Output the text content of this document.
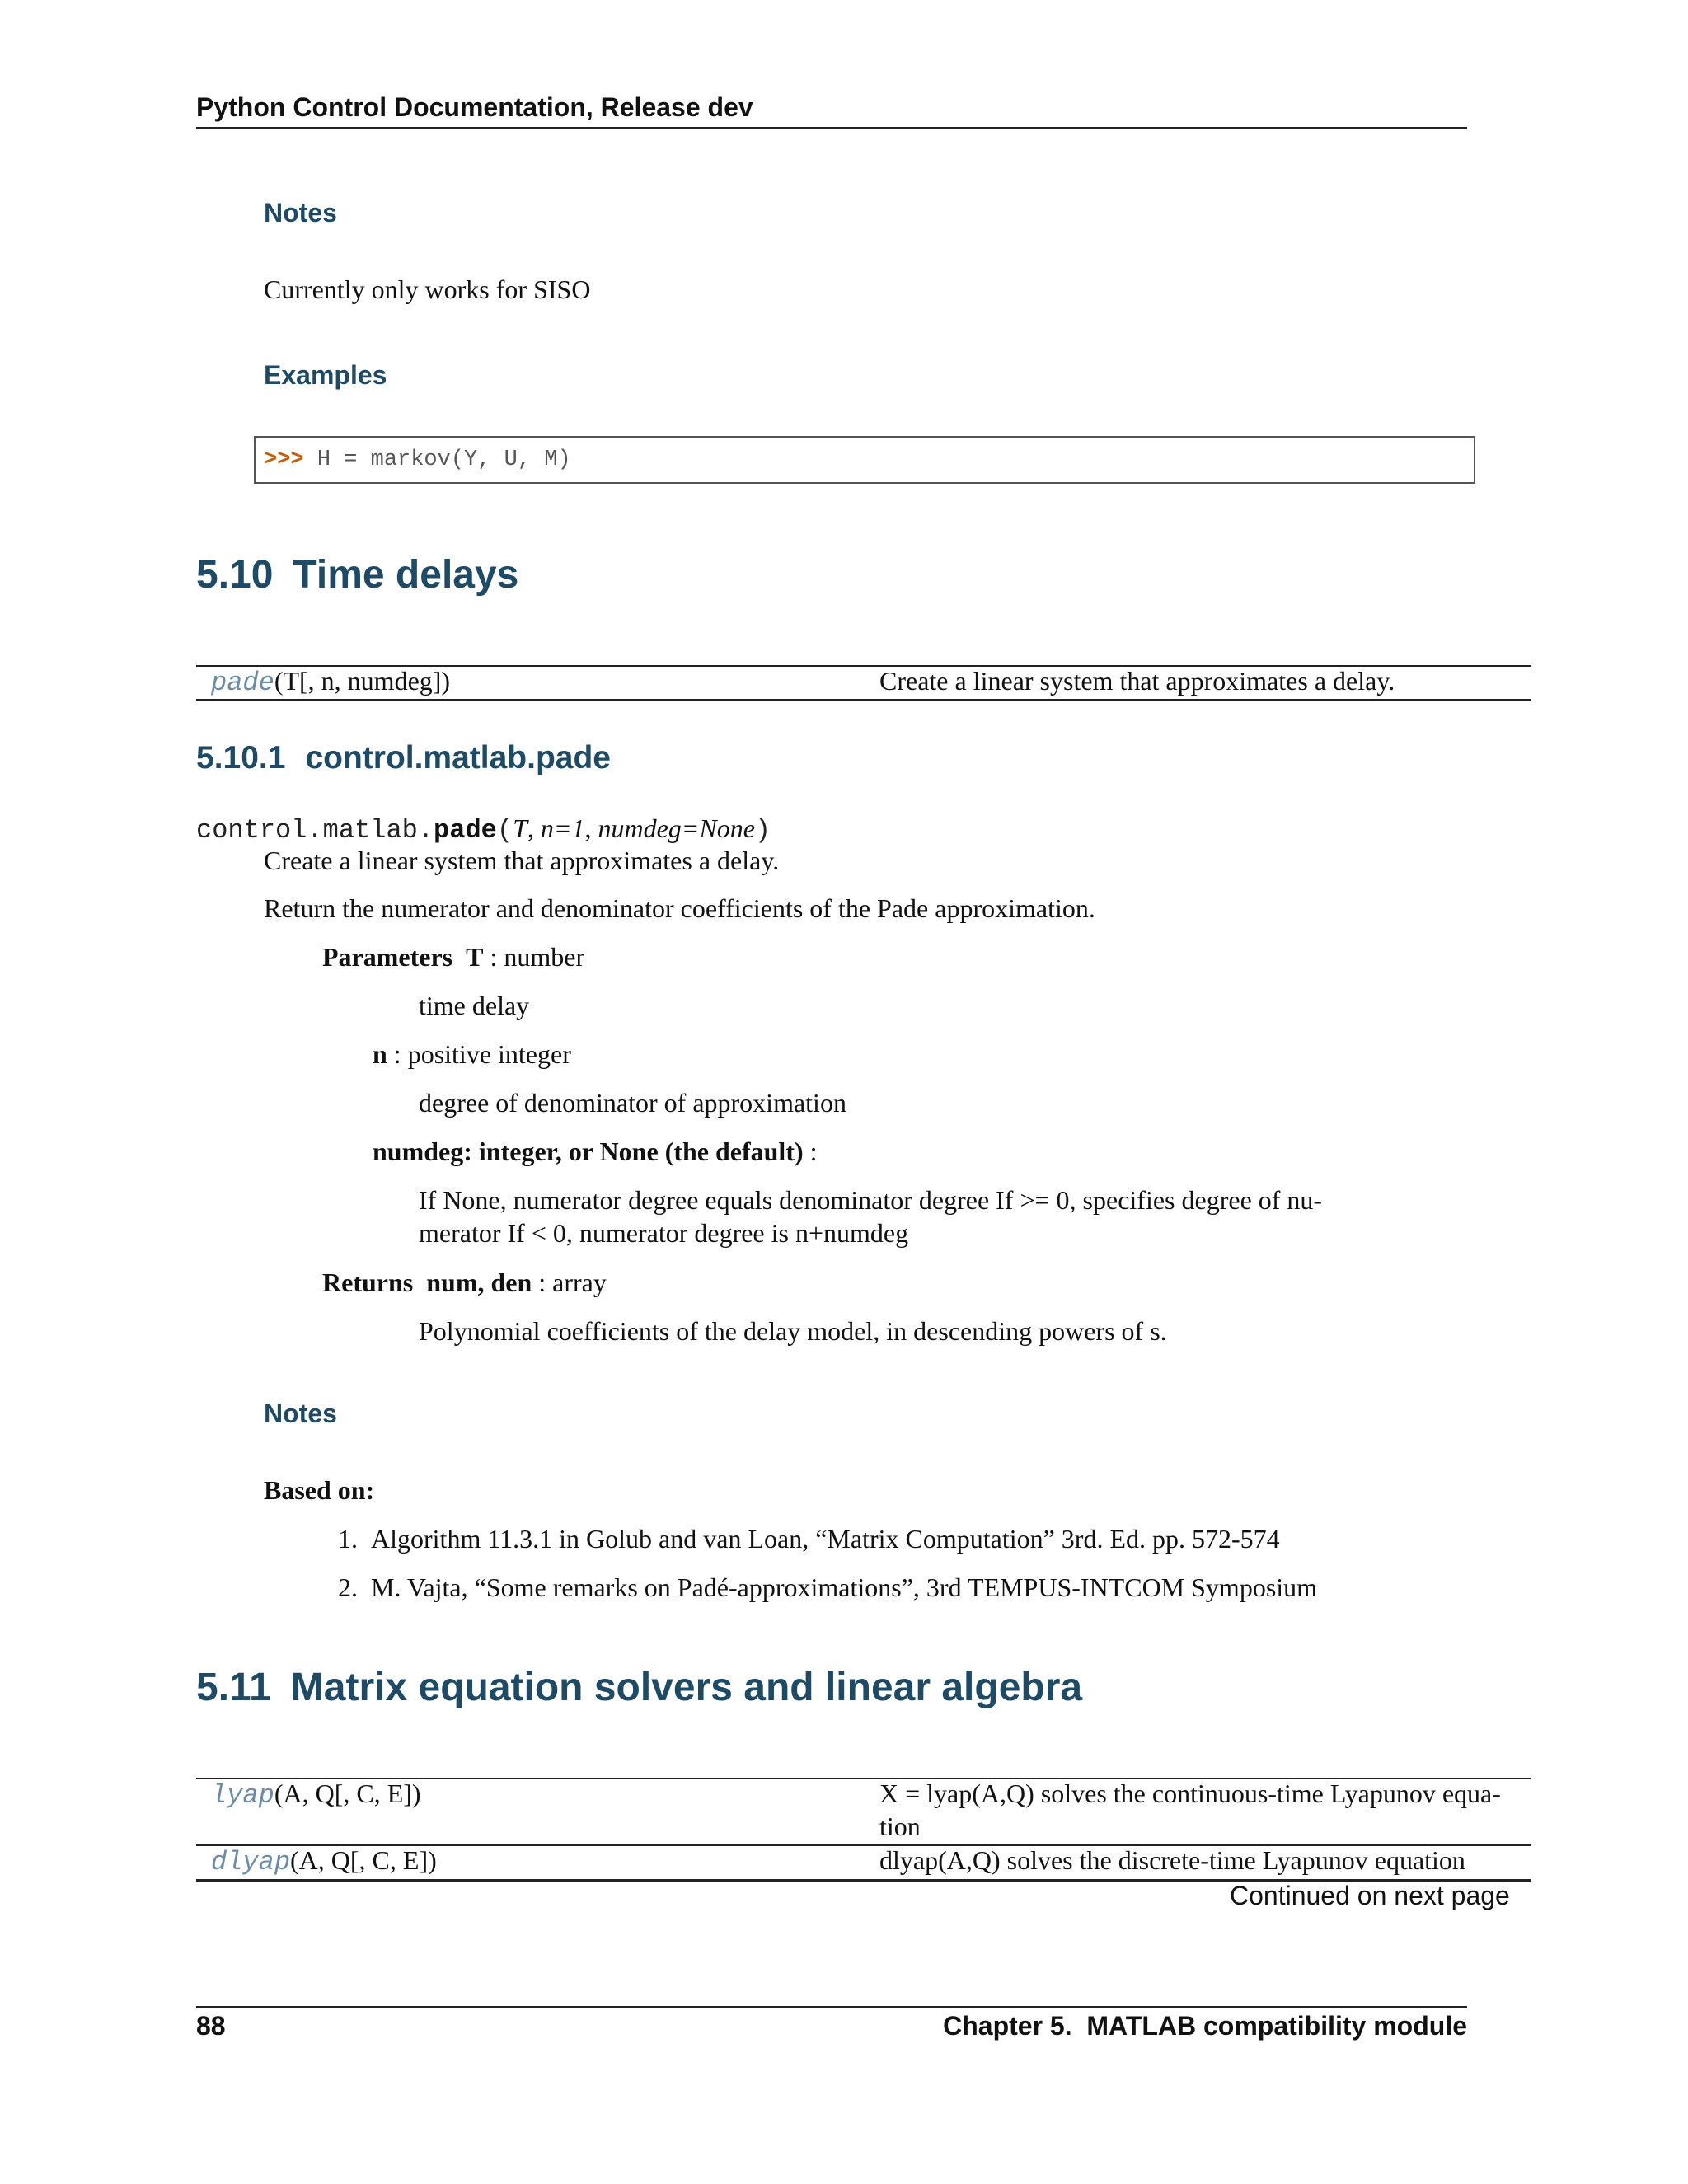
Python Control Documentation, Release dev
Notes
Currently only works for SISO
Examples
>>> H = markov(Y, U, M)
5.10 Time delays
pade(T[, n, numdeg])	Create a linear system that approximates a delay.
5.10.1 control.matlab.pade
control.matlab.pade(T, n=1, numdeg=None)
Create a linear system that approximates a delay.
Return the numerator and denominator coefficients of the Pade approximation.
Parameters T : number
time delay
n : positive integer
degree of denominator of approximation
numdeg: integer, or None (the default) :
If None, numerator degree equals denominator degree If >= 0, specifies degree of nu-
merator If < 0, numerator degree is n+numdeg
Returns num, den : array
Polynomial coefficients of the delay model, in descending powers of s.
Notes
Based on:
1. Algorithm 11.3.1 in Golub and van Loan, “Matrix Computation” 3rd. Ed. pp. 572-574
2. M. Vajta, “Some remarks on Padé-approximations”, 3rd TEMPUS-INTCOM Symposium
5.11 Matrix equation solvers and linear algebra
lyap(A, Q[, C, E])	X = lyap(A,Q) solves the continuous-time Lyapunov equa-
tion
dlyap(A, Q[, C, E])	dlyap(A,Q) solves the discrete-time Lyapunov equation
Continued on next page
88	Chapter 5.  MATLAB compatibility module
